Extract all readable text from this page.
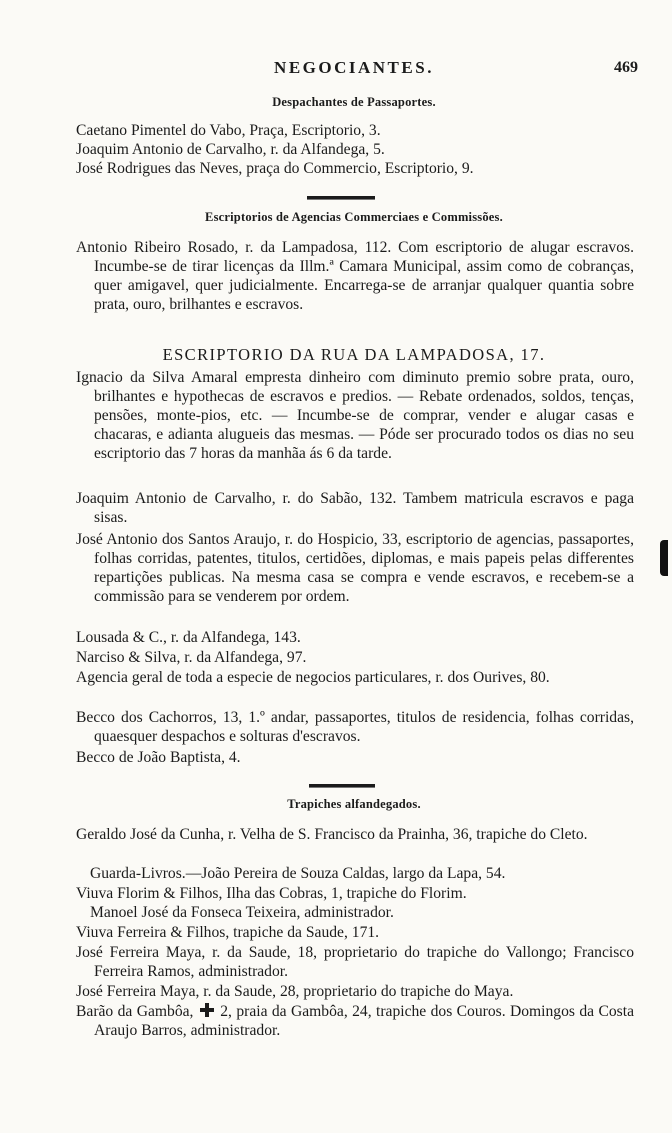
NEGOCIANTES.	469
Despachantes de Passaportes.
Caetano Pimentel do Vabo, Praça, Escriptorio, 3.
Joaquim Antonio de Carvalho, r. da Alfandega, 5.
José Rodrigues das Neves, praça do Commercio, Escriptorio, 9.
Escriptorios de Agencias Commerciaes e Commissões.
Antonio Ribeiro Rosado, r. da Lampadosa, 112. Com escriptorio de alugar escravos. Incumbe-se de tirar licenças da Illm.ª Camara Municipal, assim como de cobranças, quer amigavel, quer judicialmente. Encarrega-se de arranjar qualquer quantia sobre prata, ouro, brilhantes e escravos.
ESCRIPTORIO DA RUA DA LAMPADOSA, 17.
Ignacio da Silva Amaral empresta dinheiro com diminuto premio sobre prata, ouro, brilhantes e hypothecas de escravos e predios. — Rebate ordenados, soldos, tenças, pensões, monte-pios, etc. — Incumbe-se de comprar, vender e alugar casas e chacaras, e adianta alugueis das mesmas. — Póde ser procurado todos os dias no seu escriptorio das 7 horas da manhãa ás 6 da tarde.
Joaquim Antonio de Carvalho, r. do Sabão, 132. Tambem matricula escravos e paga sisas.
José Antonio dos Santos Araujo, r. do Hospicio, 33, escriptorio de agencias, passaportes, folhas corridas, patentes, titulos, certidões, diplomas, e mais papeis pelas differentes repartições publicas. Na mesma casa se compra e vende escravos, e recebem-se a commissão para se venderem por ordem.
Lousada & C., r. da Alfandega, 143.
Narciso & Silva, r. da Alfandega, 97.
Agencia geral de toda a especie de negocios particulares, r. dos Ourives, 80.
Becco dos Cachorros, 13, 1.º andar, passaportes, titulos de residencia, folhas corridas, quaesquer despachos e solturas d'escravos.
Becco de João Baptista, 4.
Trapiches alfandegados.
Geraldo José da Cunha, r. Velha de S. Francisco da Prainha, 36, trapiche do Cleto.
Guarda-Livros.—João Pereira de Souza Caldas, largo da Lapa, 54.
Viuva Florim & Filhos, Ilha das Cobras, 1, trapiche do Florim.
Manoel José da Fonseca Teixeira, administrador.
Viuva Ferreira & Filhos, trapiche da Saude, 171.
José Ferreira Maya, r. da Saude, 18, proprietario do trapiche do Vallongo; Francisco Ferreira Ramos, administrador.
José Ferreira Maya, r. da Saude, 28, proprietario do trapiche do Maya.
Barão da Gambôa, 2, praia da Gambôa, 24, trapiche dos Couros. Domingos da Costa Araujo Barros, administrador.
